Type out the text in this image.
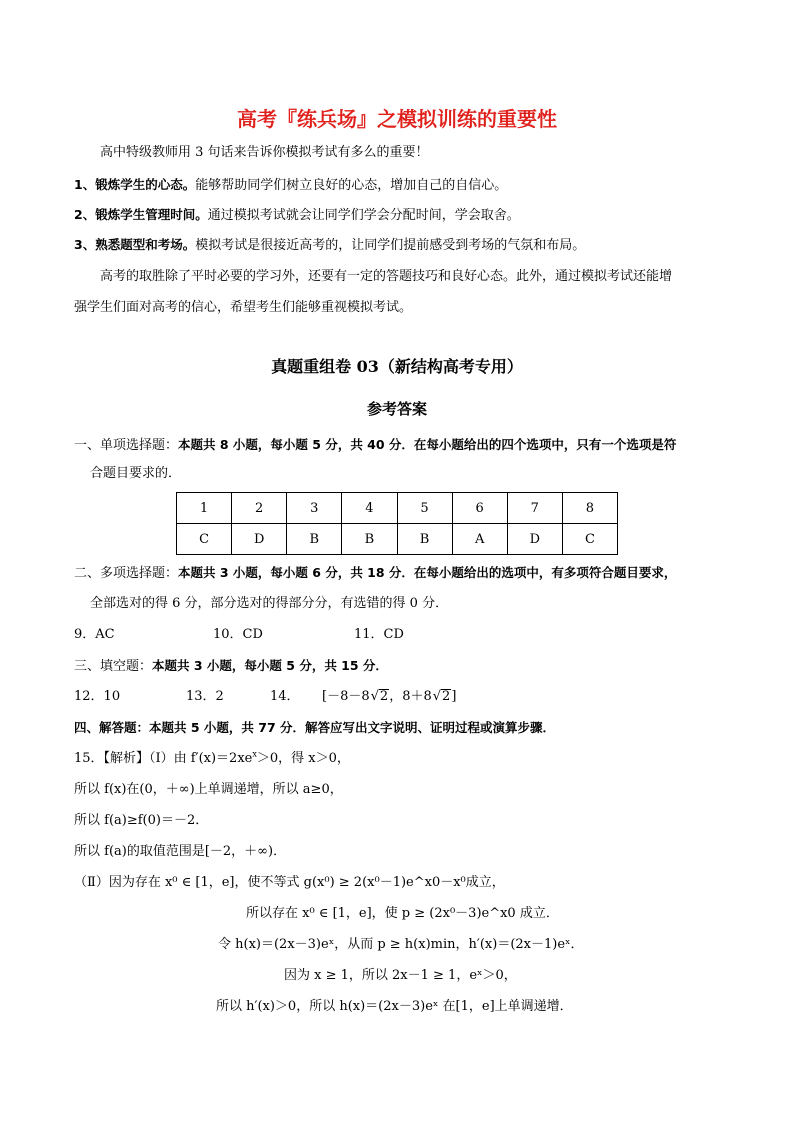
高考『练兵场』之模拟训练的重要性
高中特级教师用 3 句话来告诉你模拟考试有多么的重要！
1、锻炼学生的心态。能够帮助同学们树立良好的心态，增加自己的自信心。
2、锻炼学生管理时间。通过模拟考试就会让同学们学会分配时间，学会取舍。
3、熟悉题型和考场。模拟考试是很接近高考的，让同学们提前感受到考场的气氛和布局。
高考的取胜除了平时必要的学习外，还要有一定的答题技巧和良好心态。此外，通过模拟考试还能增
强学生们面对高考的信心，希望考生们能够重视模拟考试。
真题重组卷 03（新结构高考专用）
参考答案
一、单项选择题：本题共 8 小题，每小题 5 分，共 40 分．在每小题给出的四个选项中，只有一个选项是符
合题目要求的．
1	2	3	4	5	6	7	8
C	D	B	B	B	A	D	C
二、多项选择题：本题共 3 小题，每小题 6 分，共 18 分．在每小题给出的选项中，有多项符合题目要求，
全部选对的得 6 分，部分选对的得部分分，有选错的得 0 分．
9．AC	10．CD	11．CD
三、填空题：本题共 3 小题，每小题 5 分，共 15 分．
12．10	13．2	14． [－8－8√2，8＋8√2]
四、解答题：本题共 5 小题，共 77 分．解答应写出文字说明、证明过程或演算步骤．
15．【解析】（Ⅰ）由 $f'(x)=2xe^x>0$，得 x＞0，
所以 f(x)在(0，＋∞)上单调递增，所以 a≥0，
所以 f(a)≥f(0)＝－2．
所以 f(a)的取值范围是[－2，＋∞)．
（Ⅱ）因为存在 x⁰ ∈ [1，e]，使不等式 g(x⁰) ≥ 2(x⁰－1)e^x0－x⁰成立，
所以存在 x⁰ ∈ [1，e]，使 p ≥ (2x⁰－3)e^x0 成立．
令 h(x)＝(2x－3)eˣ，从而 p ≥ h(x)min，h′(x)＝(2x－1)eˣ．
因为 x ≥ 1，所以 2x－1 ≥ 1，eˣ＞0，
所以 h′(x)＞0，所以 h(x)＝(2x－3)eˣ 在[1，e]上单调递增．
